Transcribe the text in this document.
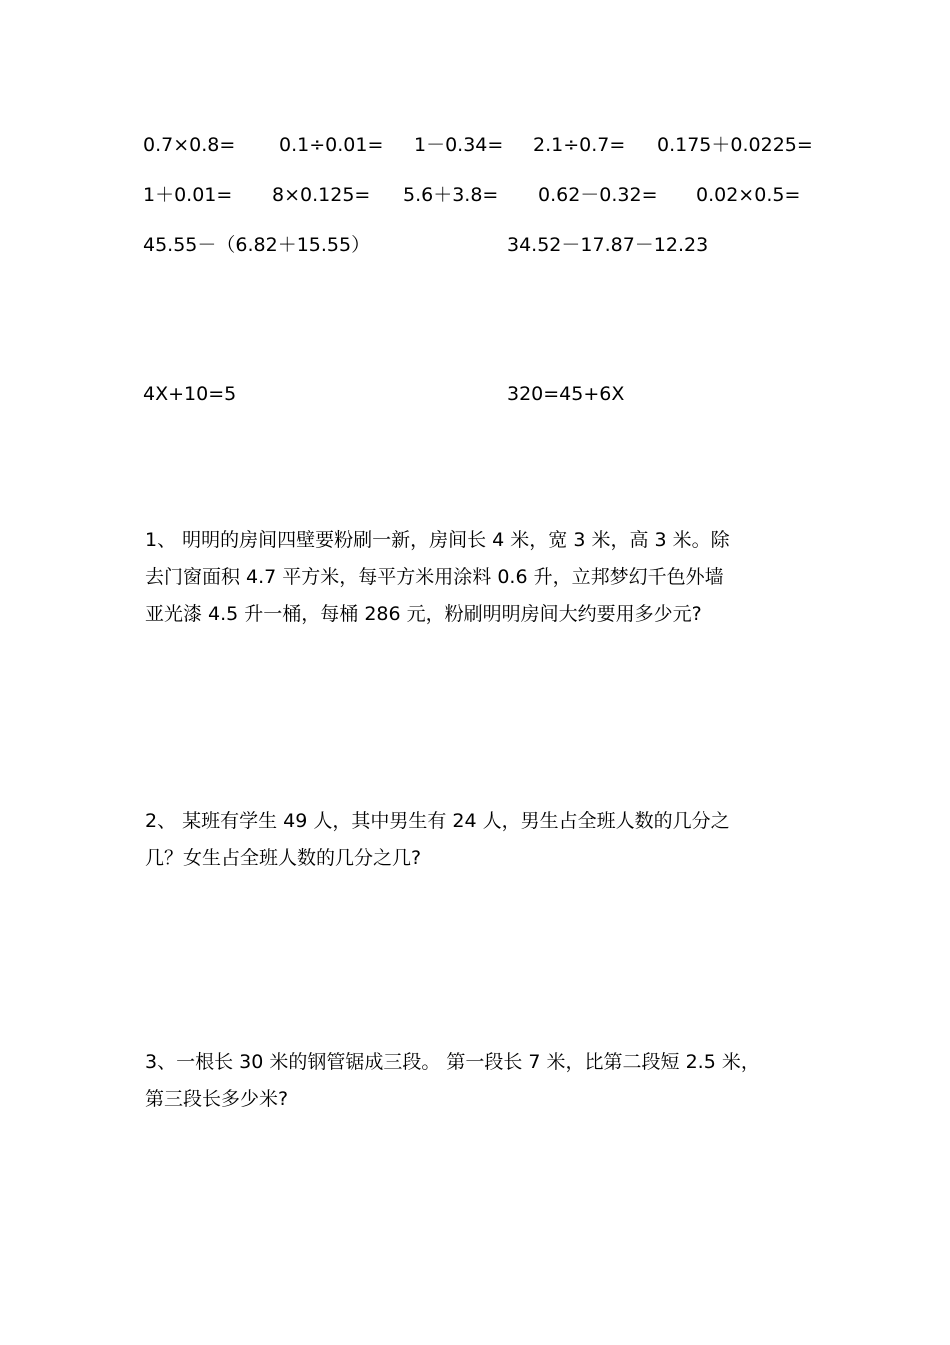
0.7×0.8= 0.1÷0.01= 1－0.34= 2.1÷0.7= 0.175＋0.0225=
1＋0.01= 8×0.125= 5.6＋3.8= 0.62－0.32= 0.02×0.5=
45.55－（6.82＋15.55）	34.52－17.87－12.23
4X+10=5	320=45+6X
1、 明明的房间四壁要粉刷一新，房间长 4 米，宽 3 米，高 3 米。除
去门窗面积 4.7 平方米，每平方米用涂料 0.6 升，立邦梦幻千色外墙
亚光漆 4.5 升一桶，每桶 286 元，粉刷明明房间大约要用多少元?
2、 某班有学生 49 人，其中男生有 24 人，男生占全班人数的几分之
几？女生占全班人数的几分之几?
3、一根长 30 米的钢管锯成三段。 第一段长 7 米，比第二段短 2.5 米，
第三段长多少米?
